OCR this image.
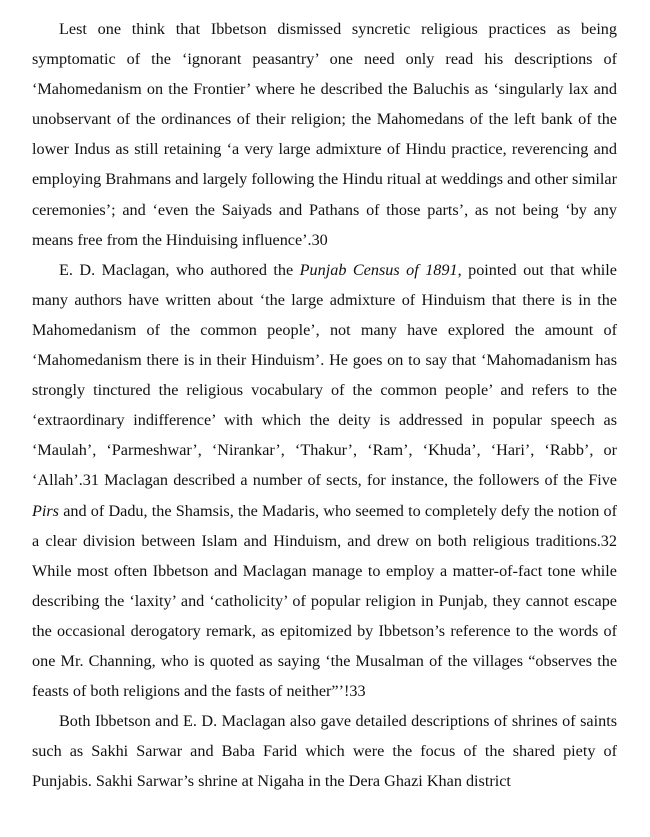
Lest one think that Ibbetson dismissed syncretic religious practices as being symptomatic of the ‘ignorant peasantry’ one need only read his descriptions of ‘Mahomedanism on the Frontier’ where he described the Baluchis as ‘singularly lax and unobservant of the ordinances of their religion; the Mahomedans of the left bank of the lower Indus as still retaining ‘a very large admixture of Hindu practice, reverencing and employing Brahmans and largely following the Hindu ritual at weddings and other similar ceremonies’; and ‘even the Saiyads and Pathans of those parts’, as not being ‘by any means free from the Hinduising influence’.30

E. D. Maclagan, who authored the Punjab Census of 1891, pointed out that while many authors have written about ‘the large admixture of Hinduism that there is in the Mahomedanism of the common people’, not many have explored the amount of ‘Mahomedanism there is in their Hinduism’. He goes on to say that ‘Mahomadanism has strongly tinctured the religious vocabulary of the common people’ and refers to the ‘extraordinary indifference’ with which the deity is addressed in popular speech as ‘Maulah’, ‘Parmeshwar’, ‘Nirankar’, ‘Thakur’, ‘Ram’, ‘Khuda’, ‘Hari’, ‘Rabb’, or ‘Allah’.31 Maclagan described a number of sects, for instance, the followers of the Five Pirs and of Dadu, the Shamsis, the Madaris, who seemed to completely defy the notion of a clear division between Islam and Hinduism, and drew on both religious traditions.32 While most often Ibbetson and Maclagan manage to employ a matter-of-fact tone while describing the ‘laxity’ and ‘catholicity’ of popular religion in Punjab, they cannot escape the occasional derogatory remark, as epitomized by Ibbetson’s reference to the words of one Mr. Channing, who is quoted as saying ‘the Musalman of the villages “observes the feasts of both religions and the fasts of neither”’!33

Both Ibbetson and E. D. Maclagan also gave detailed descriptions of shrines of saints such as Sakhi Sarwar and Baba Farid which were the focus of the shared piety of Punjabis. Sakhi Sarwar’s shrine at Nigaha in the Dera Ghazi Khan district
